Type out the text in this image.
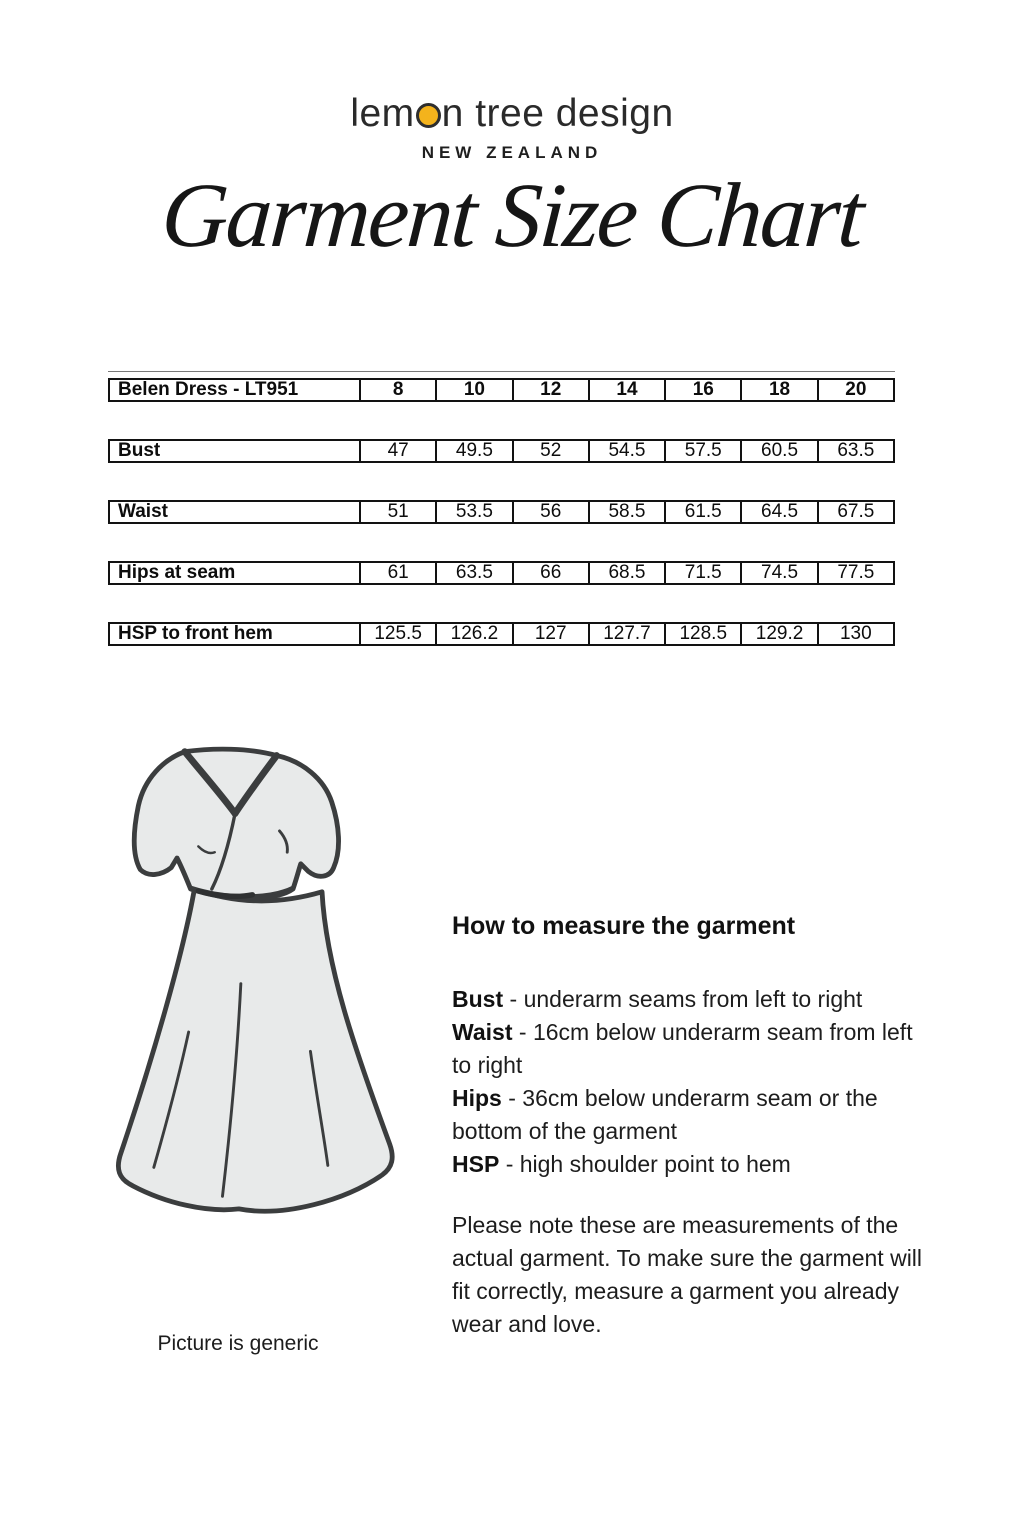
lem n tree design
NEW ZEALAND
Garment Size Chart
Belen Dress - LT951	8	10	12	14	16	18	20
Bust	47	49.5	52	54.5	57.5	60.5	63.5
Waist	51	53.5	56	58.5	61.5	64.5	67.5
Hips at seam	61	63.5	66	68.5	71.5	74.5	77.5
HSP to front hem	125.5	126.2	127	127.7	128.5	129.2	130
Picture is generic
How to measure the garment
Bust - underarm seams from left to right
Waist - 16cm below underarm seam from left to right
Hips - 36cm below underarm seam or the bottom of the garment
HSP - high shoulder point to hem

Please note these are measurements of the actual garment. To make sure the garment will fit correctly, measure a garment you already wear and love.
